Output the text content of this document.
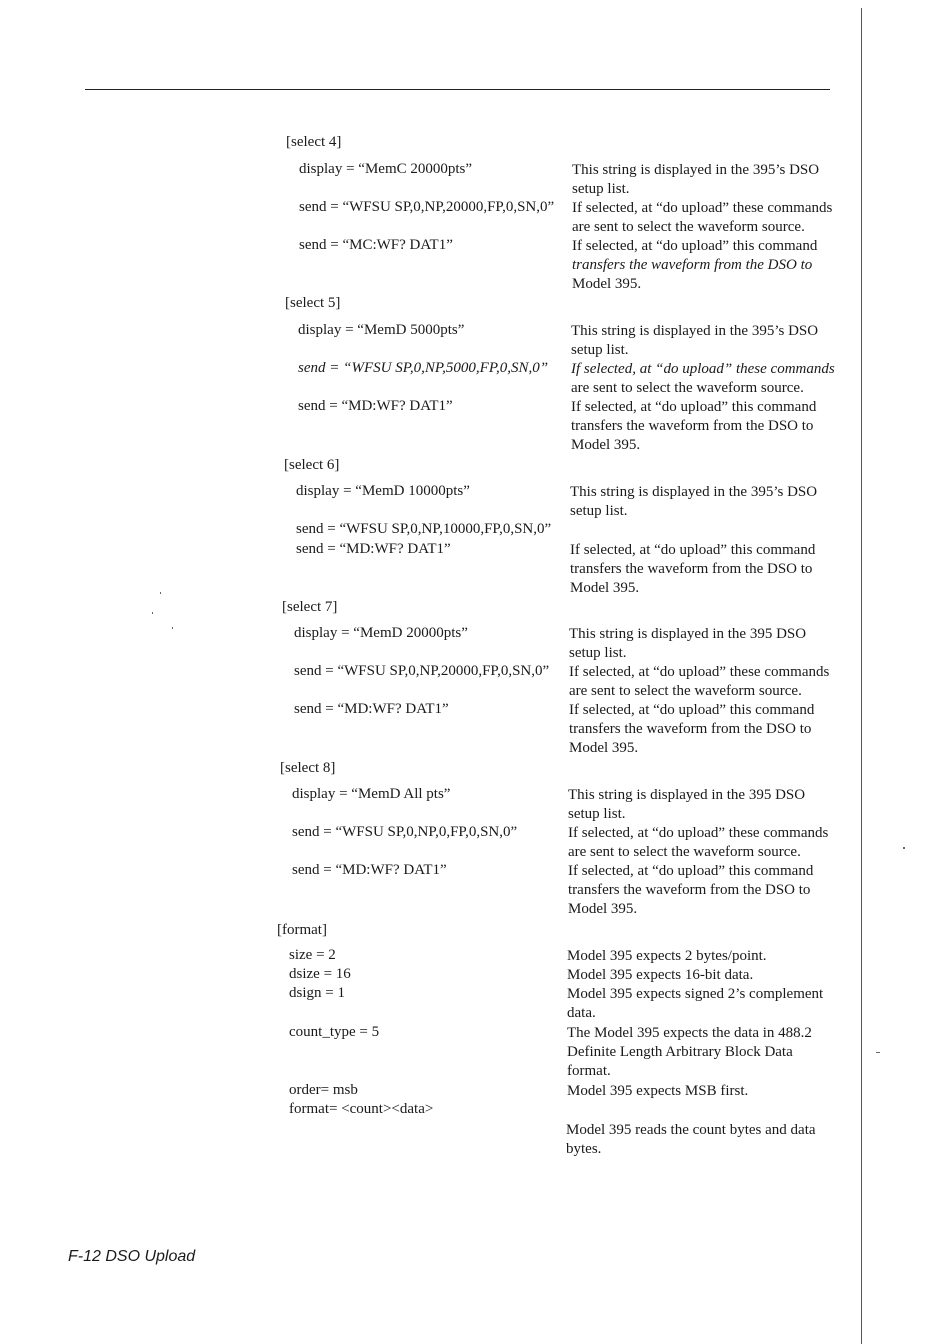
[select 4]
display = “MemC 20000pts”	This string is displayed in the 395’s DSO
setup list.
send = “WFSU SP,0,NP,20000,FP,0,SN,0” If selected, at “do upload” these commands
are sent to select the waveform source.
send = “MC:WF? DAT1”	If selected, at “do upload” this command
transfers the waveform from the DSO to
Model 395.
[select 5]
display = “MemD 5000pts”	This string is displayed in the 395’s DSO
setup list.
send = “WFSU SP,0,NP,5000,FP,0,SN,0” If selected, at “do upload” these commands
are sent to select the waveform source.
send = “MD:WF? DAT1”	If selected, at “do upload” this command
transfers the waveform from the DSO to
Model 395.
[select 6]
display = “MemD 10000pts”	This string is displayed in the 395’s DSO
setup list.
send = “WFSU SP,0,NP,10000,FP,0,SN,0”
send = “MD:WF? DAT1”	If selected, at “do upload” this command
transfers the waveform from the DSO to
Model 395.
[select 7]
display = “MemD 20000pts”	This string is displayed in the 395 DSO
setup list.
send = “WFSU SP,0,NP,20000,FP,0,SN,0” If selected, at “do upload” these commands
are sent to select the waveform source.
send = “MD:WF? DAT1”	If selected, at “do upload” this command
transfers the waveform from the DSO to
Model 395.
[select 8]
display = “MemD All pts”	This string is displayed in the 395 DSO
setup list.
send = “WFSU SP,0,NP,0,FP,0,SN,0”	If selected, at “do upload” these commands
are sent to select the waveform source.
send = “MD:WF? DAT1”	If selected, at “do upload” this command
transfers the waveform from the DSO to
Model 395.
[format]
size = 2	Model 395 expects 2 bytes/point.
dsize = 16	Model 395 expects 16-bit data.
dsign = 1	Model 395 expects signed 2’s complement
data.
count_type = 5	The Model 395 expects the data in 488.2
Definite Length Arbitrary Block Data
format.
order= msb	Model 395 expects MSB first.
format= <count><data>
Model 395 reads the count bytes and data
bytes.
F-12 DSO Upload
